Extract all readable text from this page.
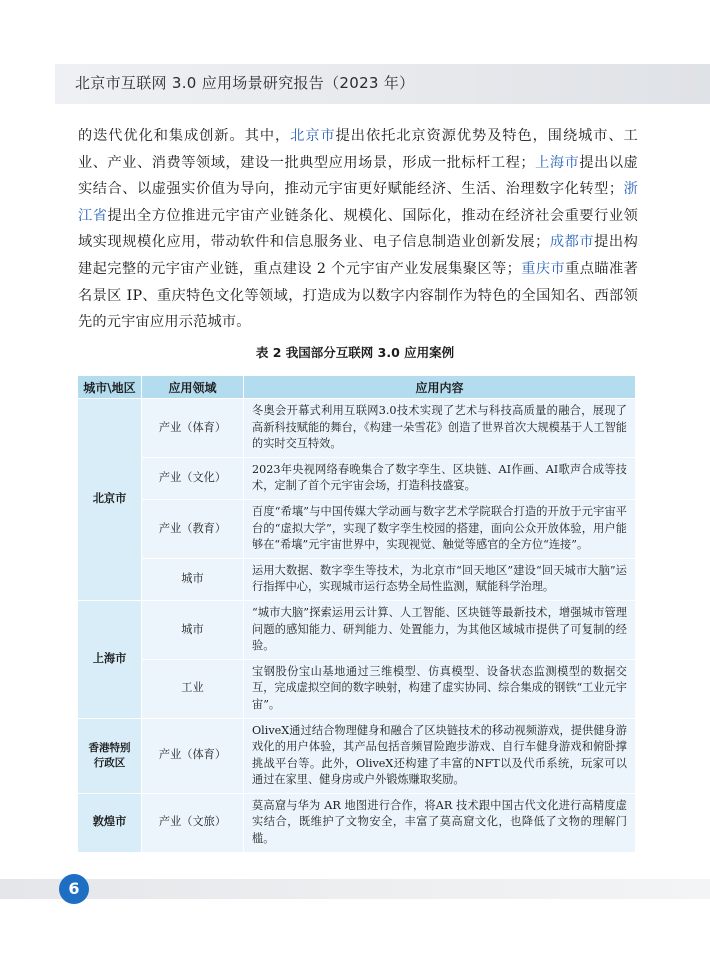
北京市互联网 3.0 应用场景研究报告（2023 年）
的迭代优化和集成创新。其中，北京市提出依托北京资源优势及特色，围绕城市、工业、产业、消费等领域，建设一批典型应用场景，形成一批标杆工程；上海市提出以虚实结合、以虚强实价值为导向，推动元宇宙更好赋能经济、生活、治理数字化转型；浙江省提出全方位推进元宇宙产业链条化、规模化、国际化，推动在经济社会重要行业领域实现规模化应用，带动软件和信息服务业、电子信息制造业创新发展；成都市提出构建起完整的元宇宙产业链，重点建设 2 个元宇宙产业发展集聚区等；重庆市重点瞄准著名景区 IP、重庆特色文化等领域，打造成为以数字内容制作为特色的全国知名、西部领先的元宇宙应用示范城市。
表 2 我国部分互联网 3.0 应用案例
城市\地区	应用领域	应用内容
北京市	产业（体育）	冬奥会开幕式利用互联网3.0技术实现了艺术与科技高质量的融合，展现了高新科技赋能的舞台，《构建一朵雪花》创造了世界首次大规模基于人工智能的实时交互特效。
	产业（文化）	2023年央视网络春晚集合了数字孪生、区块链、AI作画、AI歌声合成等技术，定制了首个元宇宙会场，打造科技盛宴。
	产业（教育）	百度“希壤”与中国传媒大学动画与数字艺术学院联合打造的开放于元宇宙平台的“虚拟大学”，实现了数字孪生校园的搭建，面向公众开放体验，用户能够在“希壤”元宇宙世界中，实现视觉、触觉等感官的全方位“连接”。
	城市	运用大数据、数字孪生等技术，为北京市“回天地区”建设“回天城市大脑”运行指挥中心，实现城市运行态势全局性监测，赋能科学治理。
上海市	城市	“城市大脑”探索运用云计算、人工智能、区块链等最新技术，增强城市管理问题的感知能力、研判能力、处置能力，为其他区域城市提供了可复制的经验。
	工业	宝钢股份宝山基地通过三维模型、仿真模型、设备状态监测模型的数据交互，完成虚拟空间的数字映射，构建了虚实协同、综合集成的钢铁“工业元宇宙”。
香港特别行政区	产业（体育）	OliveX通过结合物理健身和融合了区块链技术的移动视频游戏，提供健身游戏化的用户体验，其产品包括音频冒险跑步游戏、自行车健身游戏和俯卧撑挑战平台等。此外，OliveX还构建了丰富的NFT以及代币系统，玩家可以通过在家里、健身房或户外锻炼赚取奖励。
敦煌市	产业（文旅）	莫高窟与华为 AR 地图进行合作，将AR 技术跟中国古代文化进行高精度虚实结合，既维护了文物安全，丰富了莫高窟文化，也降低了文物的理解门槛。
6
